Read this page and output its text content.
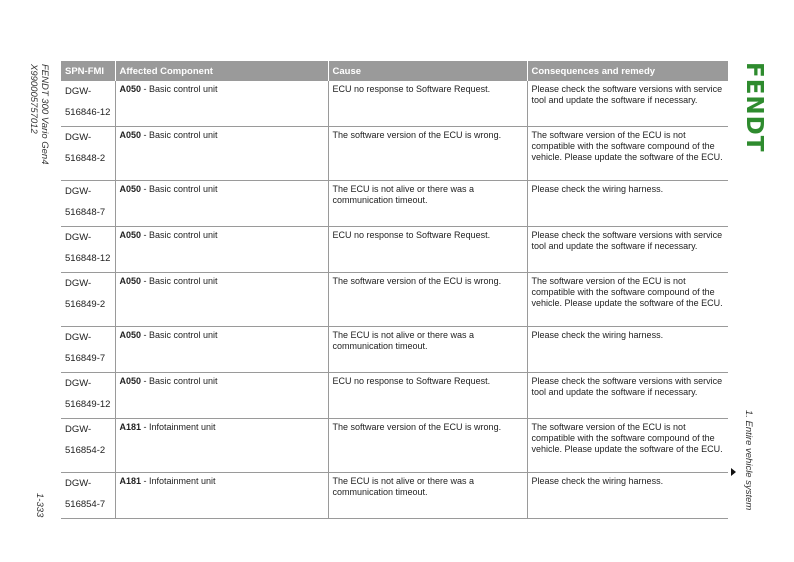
FENDT 300 Vario Gen4
X990005757012
1-333
FENDT
1. Entire vehicle system
SPN-FMI	Affected Component	Cause	Consequences and remedy

DGW-
516846-12	A050 - Basic control unit	ECU no response to Software Request.	Please check the software versions with service tool and update the software if necessary.

DGW-
516848-2	A050 - Basic control unit	The software version of the ECU is wrong.	The software version of the ECU is not compatible with the software compound of the vehicle. Please update the software of the ECU.

DGW-
516848-7	A050 - Basic control unit	The ECU is not alive or there was a communication timeout.	Please check the wiring harness.

DGW-
516848-12	A050 - Basic control unit	ECU no response to Software Request.	Please check the software versions with service tool and update the software if necessary.

DGW-
516849-2	A050 - Basic control unit	The software version of the ECU is wrong.	The software version of the ECU is not compatible with the software compound of the vehicle. Please update the software of the ECU.

DGW-
516849-7	A050 - Basic control unit	The ECU is not alive or there was a communication timeout.	Please check the wiring harness.

DGW-
516849-12	A050 - Basic control unit	ECU no response to Software Request.	Please check the software versions with service tool and update the software if necessary.

DGW-
516854-2	A181 - Infotainment unit	The software version of the ECU is wrong.	The software version of the ECU is not compatible with the software compound of the vehicle. Please update the software of the ECU.

DGW-
516854-7	A181 - Infotainment unit	The ECU is not alive or there was a communication timeout.	Please check the wiring harness.
